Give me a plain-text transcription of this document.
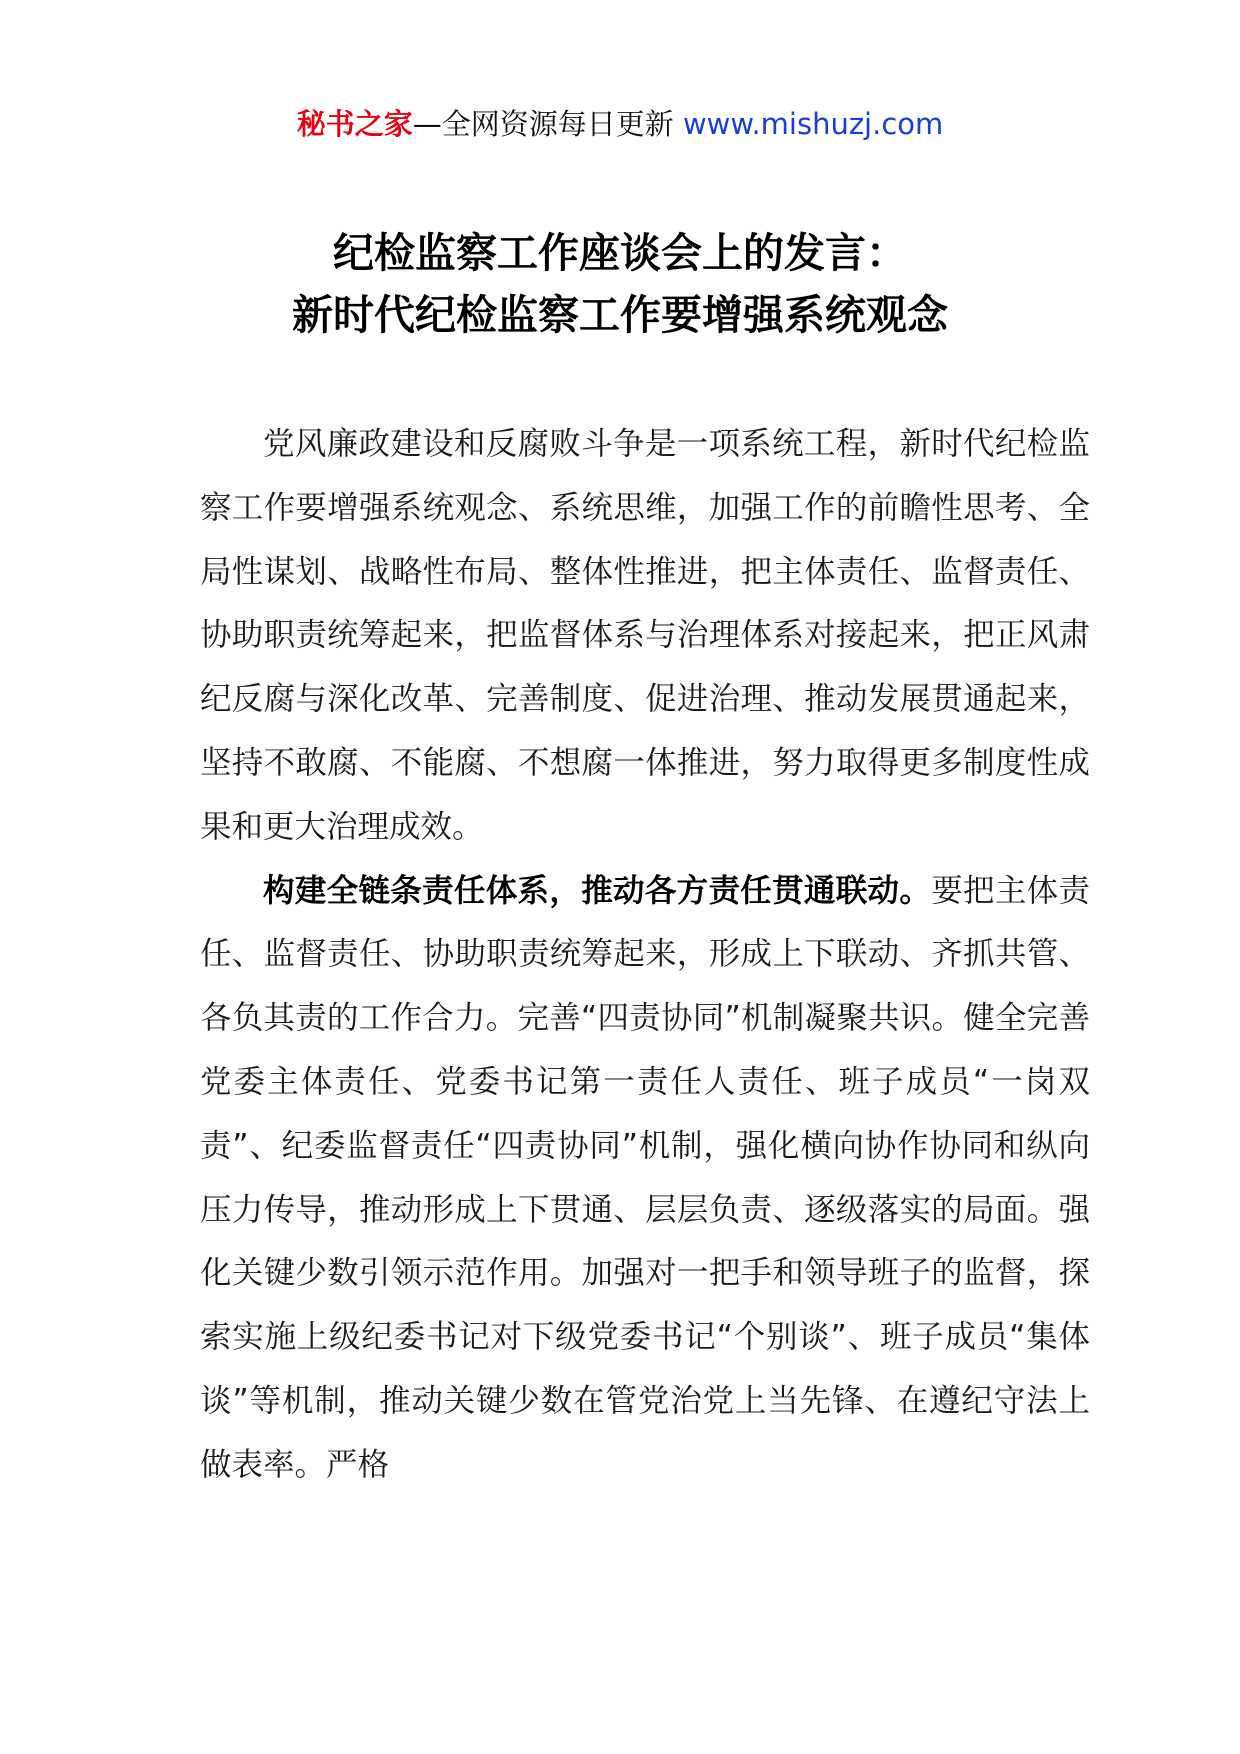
秘书之家—全网资源每日更新 www.mishuzj.com
纪检监察工作座谈会上的发言：
新时代纪检监察工作要增强系统观念

党风廉政建设和反腐败斗争是一项系统工程，新时代纪检监察工作要增强系统观念、系统思维，加强工作的前瞻性思考、全局性谋划、战略性布局、整体性推进，把主体责任、监督责任、协助职责统筹起来，把监督体系与治理体系对接起来，把正风肃纪反腐与深化改革、完善制度、促进治理、推动发展贯通起来，坚持不敢腐、不能腐、不想腐一体推进，努力取得更多制度性成果和更大治理成效。

构建全链条责任体系，推动各方责任贯通联动。要把主体责任、监督责任、协助职责统筹起来，形成上下联动、齐抓共管、各负其责的工作合力。完善“四责协同”机制凝聚共识。健全完善党委主体责任、党委书记第一责任人责任、班子成员“一岗双责”、纪委监督责任“四责协同”机制，强化横向协作协同和纵向压力传导，推动形成上下贯通、层层负责、逐级落实的局面。强化关键少数引领示范作用。加强对一把手和领导班子的监督，探索实施上级纪委书记对下级党委书记“个别谈”、班子成员“集体谈”等机制，推动关键少数在管党治党上当先锋、在遵纪守法上做表率。严格
